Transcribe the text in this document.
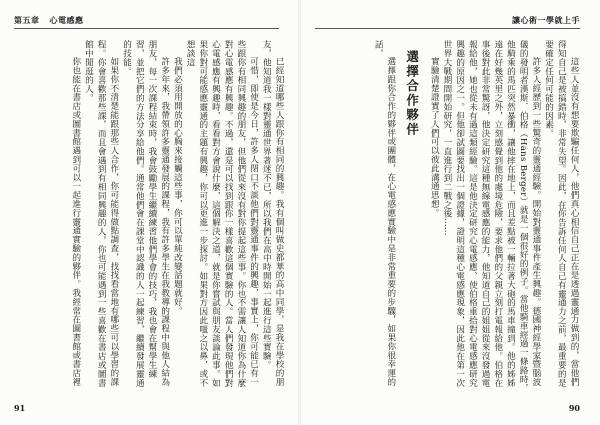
第五章 心電感應

已經知道哪些人跟你有相同的興趣。我有個叫做史都華的高中同學，是我在學校的朋友，他知道我一樣對靈通世界著迷不已，所以我們在高中時開始一起進行這些實驗。

可惜，即使是今日，許多人閉口不談他們對靈通事件的興趣，事實上，你可能已有一些跟你有相同興趣的朋友，但他們從來沒有對你提起這些事。你也不需讓人知道你為什麼對心電感應有興趣。不過，還是可以找到跟你一樣喜歡這個實驗的人。當人們發現他們對心電感應有興趣時，看看對方會說什麼，這個解決之道，就是你嘗試與朋友談論此事。如果你對可能感應靈通的主題有興趣，你可以更進一步探討。如果對方因此嗤之以鼻，或不想談這

我們必須用開放的心胸來接觸這些事，你可以單純改變話題就好。

許多年來，我帶領許多靈通發展的課程，我有許多學生在我教導的課程中與他人結為朋友，每一次課程結束時，我會鼓勵學生繼續練習他們學會的技巧，我也會在幫學生練習，並把它們的方法分享給他們。通常他們會在課堂中認識的人一起練習，繼續發展靈通的技能。

如果你不清楚能跟那些人合作，你可能得做點調查，找找看當地有哪些可以學習的課程。你會喜歡那些課，而且會遇到有相同興趣的人，你也可能遇到一些喜歡在書店或圖書館中閒逛的人。

你也能在書店或圖書館遇到可以一起進行靈通實驗的夥伴。我經常在圖書館或書店裡

91
讓心術一學就上手

這些人並沒有想要欺騙任何人，他們真心相信自己正在是透過靈通力做到的，當他們得知自己是被搞錯時，非常失望。因此，在你告訴任何人自己有靈通力之前，最重要的是要確定任何可能的因素。

許多人經歷到一些驚奇的靈通經驗。開始對靈通事件產生興趣。德國神經學家暨腦波儀的發明者漢斯．伯格（Hans Berger）就是一個很好的例子。當他騎車經過一條路時，他騎乘的馬匹突然暴衝，讓他摔在地上，而且差點被一輛拉著大砲的馬車撞到。他的姊姊遠在好幾英里之外，立刻感覺到他的處境危險，要求他們的父親立刻打電報給他。伯格在事後對此非常驚訝，他決定研究這種無線電感應的能力，他知道自己的姐姐從來沒發過電報給他，她也從未有過這類經驗。這是他決定研究心電感應、使伯格重拾對心電感應研究興趣的原因之一。但他卻試圖要找出一個證據，證明這種心電感應現象，因此他在第一次世界大戰期間開始研究，一直進行到二戰之後……

實驗清楚證實了人們可以彼此溝通思想。

選擇合作夥伴

選擇跟你合作的夥伴或團體，在心電感應實驗中是非常重要的步驟，如果你很幸運的話，

90
